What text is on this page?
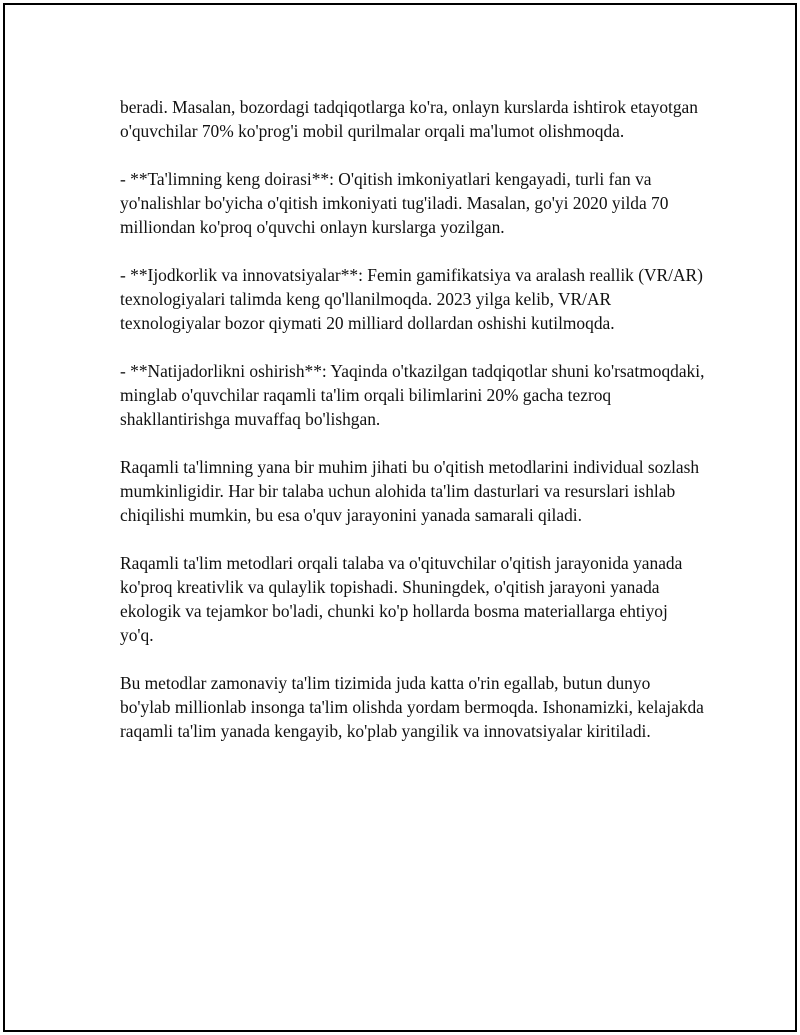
beradi. Masalan, bozordagi tadqiqotlarga ko'ra, onlayn kurslarda ishtirok etayotgan o'quvchilar 70% ko'prog'i mobil qurilmalar orqali ma'lumot olishmoqda.

- **Ta'limning keng doirasi**: O'qitish imkoniyatlari kengayadi, turli fan va yo'nalishlar bo'yicha o'qitish imkoniyati tug'iladi. Masalan, go'yi 2020 yilda 70 milliondan ko'proq o'quvchi onlayn kurslarga yozilgan.

- **Ijodkorlik va innovatsiyalar**: Femin gamifikatsiya va aralash reallik (VR/AR) texnologiyalari talimda keng qo'llanilmoqda. 2023 yilga kelib, VR/AR texnologiyalar bozor qiymati 20 milliard dollardan oshishi kutilmoqda.

- **Natijadorlikni oshirish**: Yaqinda o'tkazilgan tadqiqotlar shuni ko'rsatmoqdaki, minglab o'quvchilar raqamli ta'lim orqali bilimlarini 20% gacha tezroq shakllantirishga muvaffaq bo'lishgan.

Raqamli ta'limning yana bir muhim jihati bu o'qitish metodlarini individual sozlash mumkinligidir. Har bir talaba uchun alohida ta'lim dasturlari va resurslari ishlab chiqilishi mumkin, bu esa o'quv jarayonini yanada samarali qiladi.

Raqamli ta'lim metodlari orqali talaba va o'qituvchilar o'qitish jarayonida yanada ko'proq kreativlik va qulaylik topishadi. Shuningdek, o'qitish jarayoni yanada ekologik va tejamkor bo'ladi, chunki ko'p hollarda bosma materiallarga ehtiyoj yo'q.

Bu metodlar zamonaviy ta'lim tizimida juda katta o'rin egallab, butun dunyo bo'ylab millionlab insonga ta'lim olishda yordam bermoqda. Ishonamizki, kelajakda raqamli ta'lim yanada kengayib, ko'plab yangilik va innovatsiyalar kiritiladi.
